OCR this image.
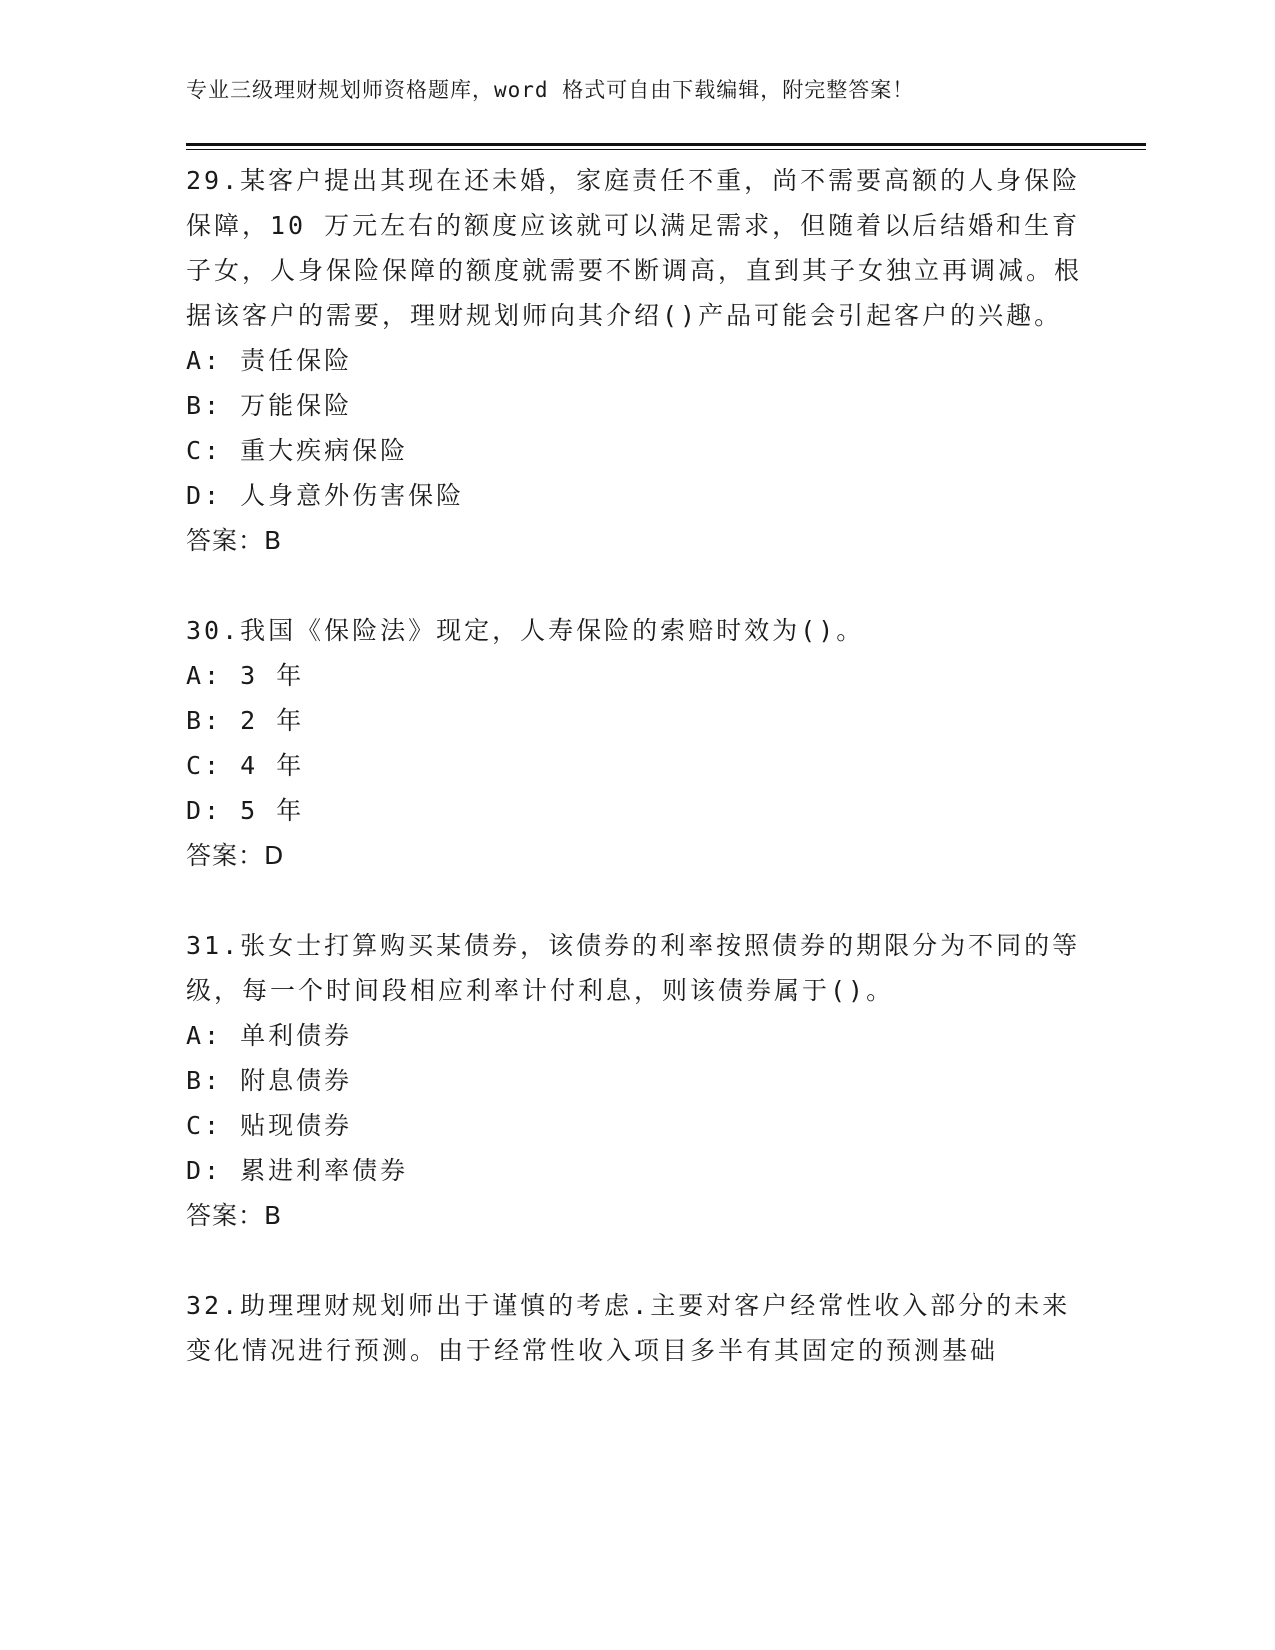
专业三级理财规划师资格题库，word 格式可自由下载编辑，附完整答案！

29.某客户提出其现在还未婚，家庭责任不重，尚不需要高额的人身保险保障，10 万元左右的额度应该就可以满足需求，但随着以后结婚和生育子女，人身保险保障的额度就需要不断调高，直到其子女独立再调减。根据该客户的需要，理财规划师向其介绍()产品可能会引起客户的兴趣。

A: 责任保险

B: 万能保险

C: 重大疾病保险

D: 人身意外伤害保险

答案：B

30.我国《保险法》现定，人寿保险的索赔时效为()。

A: 3 年

B: 2 年

C: 4 年

D: 5 年

答案：D

31.张女士打算购买某债券，该债券的利率按照债券的期限分为不同的等级，每一个时间段相应利率计付利息，则该债券属于()。

A: 单利债券

B: 附息债券

C: 贴现债券

D: 累进利率债券

答案：B

32.助理理财规划师出于谨慎的考虑.主要对客户经常性收入部分的未来变化情况进行预测。由于经常性收入项目多半有其固定的预测基础
